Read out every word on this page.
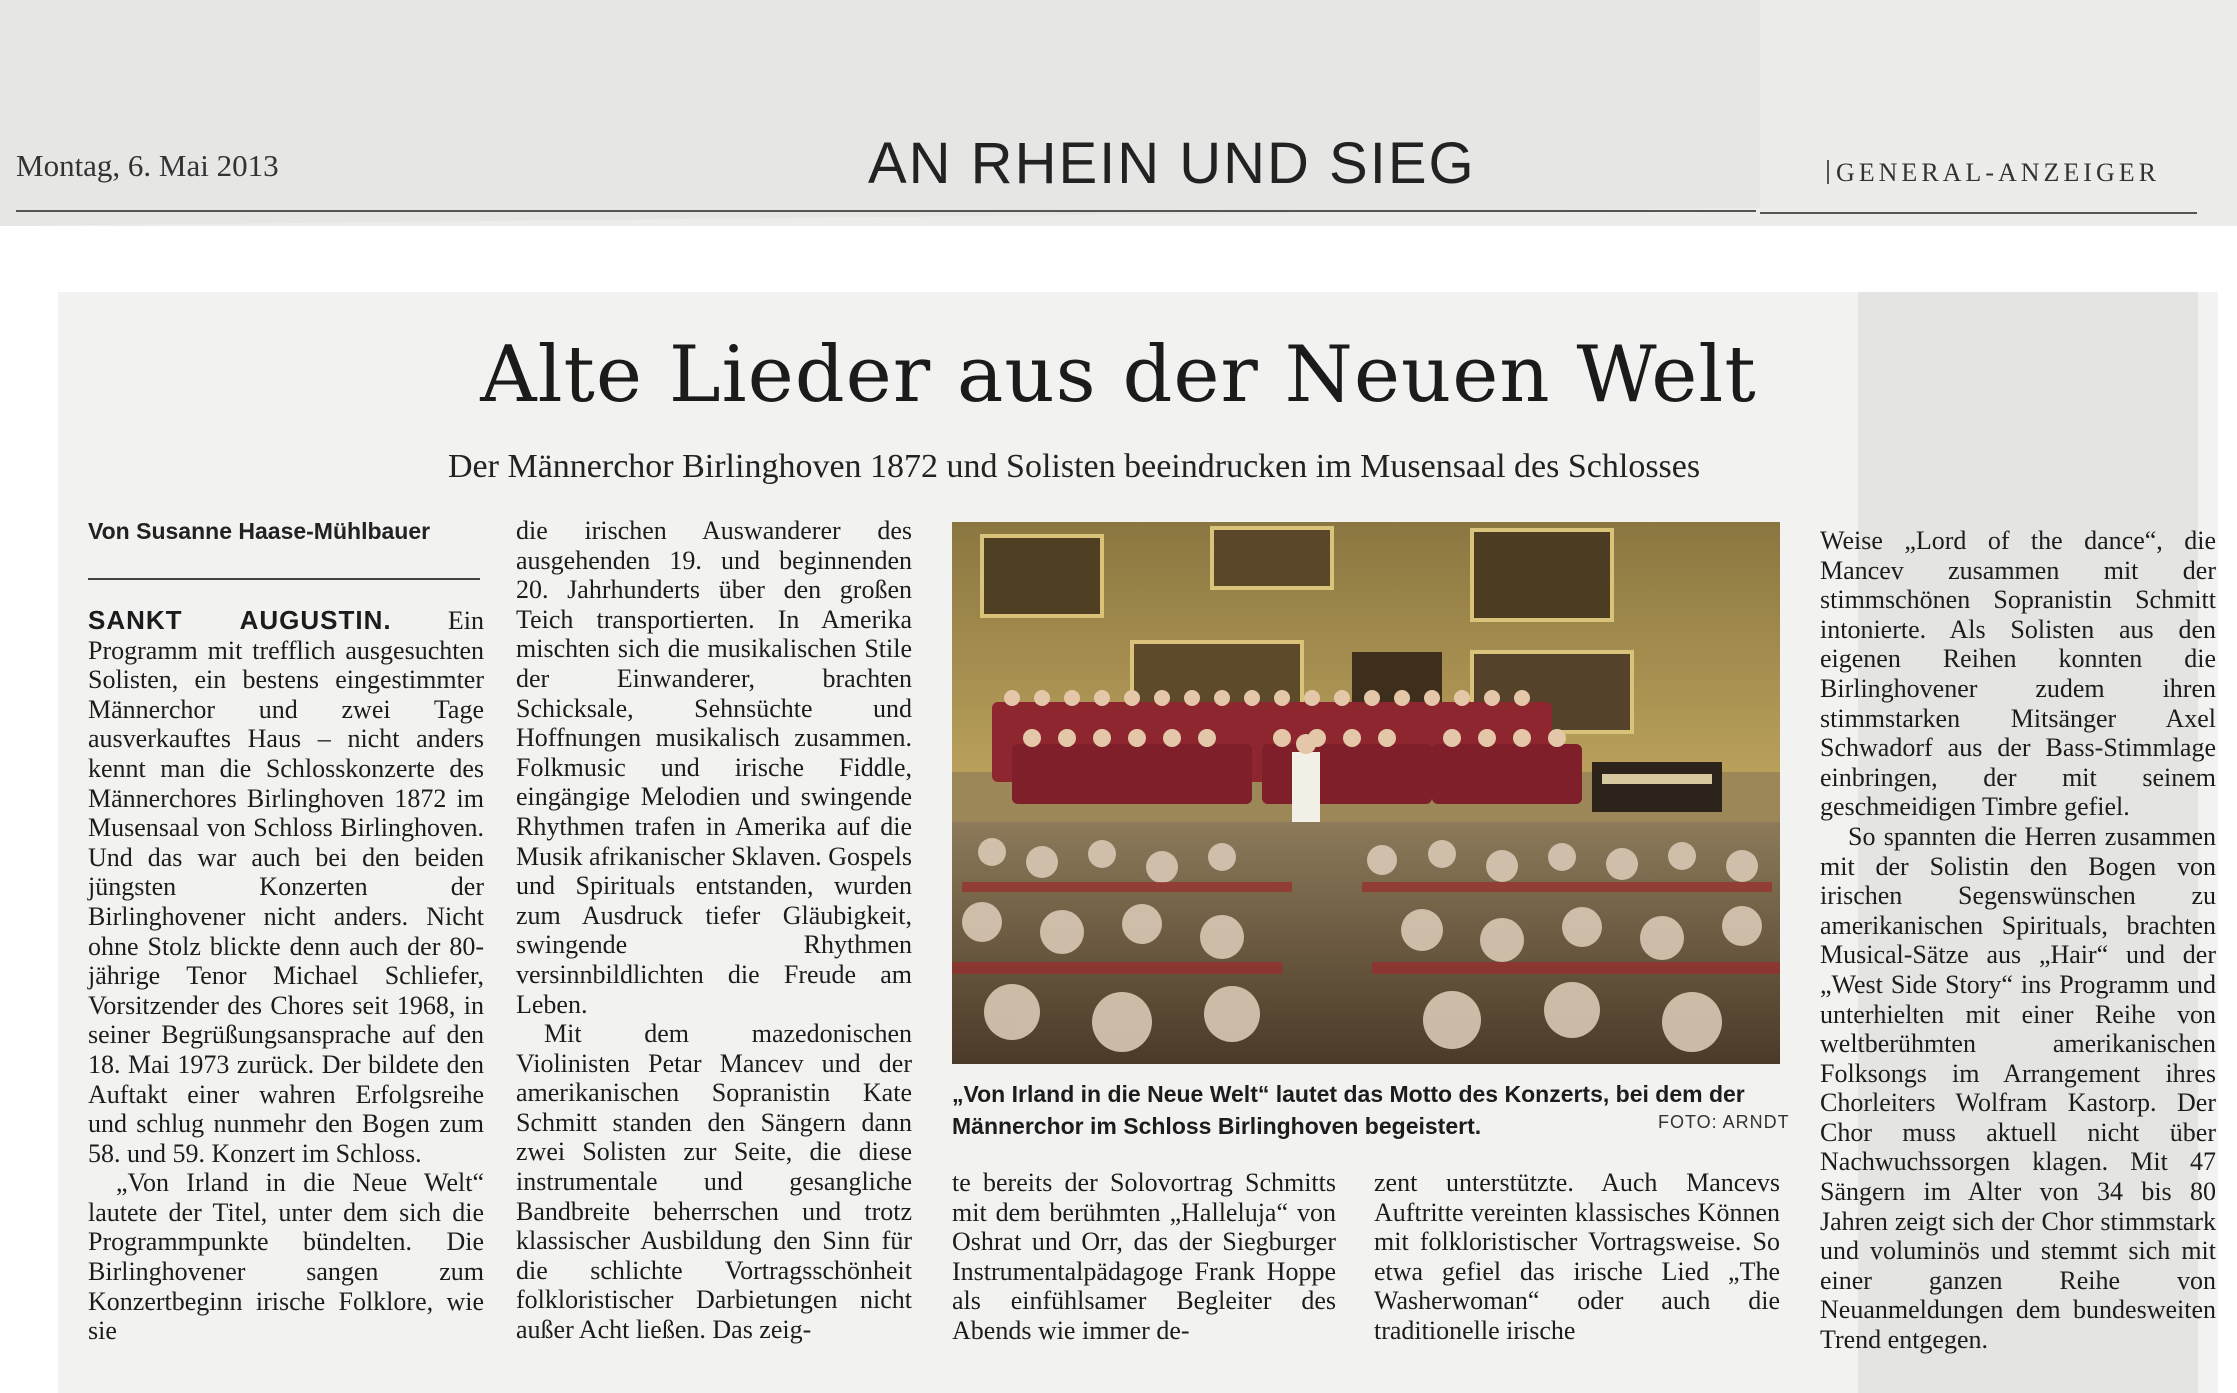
Montag, 6. Mai 2013	AN RHEIN UND SIEG	GENERAL-ANZEIGER
Alte Lieder aus der Neuen Welt
Der Männerchor Birlinghoven 1872 und Solisten beeindrucken im Musensaal des Schlosses
Von Susanne Haase-Mühlbauer

SANKT AUGUSTIN. Ein Programm mit trefflich ausgesuchten Solisten, ein bestens eingestimmter Männerchor und zwei Tage ausverkauftes Haus – nicht anders kennt man die Schlosskonzerte des Männerchores Birlinghoven 1872 im Musensaal von Schloss Birlinghoven. Und das war auch bei den beiden jüngsten Konzerten der Birlinghovener nicht anders. Nicht ohne Stolz blickte denn auch der 80-jährige Tenor Michael Schliefer, Vorsitzender des Chores seit 1968, in seiner Begrüßungsansprache auf den 18. Mai 1973 zurück. Der bildete den Auftakt einer wahren Erfolgsreihe und schlug nunmehr den Bogen zum 58. und 59. Konzert im Schloss.

„Von Irland in die Neue Welt“ lautete der Titel, unter dem sich die Programmpunkte bündelten. Die Birlinghovener sangen zum Konzertbeginn irische Folklore, wie sie

die irischen Auswanderer des ausgehenden 19. und beginnenden 20. Jahrhunderts über den großen Teich transportierten. In Amerika mischten sich die musikalischen Stile der Einwanderer, brachten Schicksale, Sehnsüchte und Hoffnungen musikalisch zusammen. Folkmusic und irische Fiddle, eingängige Melodien und swingende Rhythmen trafen in Amerika auf die Musik afrikanischer Sklaven. Gospels und Spirituals entstanden, wurden zum Ausdruck tiefer Gläubigkeit, swingende Rhythmen versinnbildlichten die Freude am Leben.

Mit dem mazedonischen Violinisten Petar Mancev und der amerikanischen Sopranistin Kate Schmitt standen den Sängern dann zwei Solisten zur Seite, die diese instrumentale und gesangliche Bandbreite beherrschen und trotz klassischer Ausbildung den Sinn für die schlichte Vortragsschönheit folkloristischer Darbietungen nicht außer Acht ließen. Das zeig-

„Von Irland in die Neue Welt“ lautet das Motto des Konzerts, bei dem der Männerchor im Schloss Birlinghoven begeistert.	FOTO: ARNDT

te bereits der Solovortrag Schmitts mit dem berühmten „Halleluja“ von Oshrat und Orr, das der Siegburger Instrumentalpädagoge Frank Hoppe als einfühlsamer Begleiter des Abends wie immer de-

zent unterstützte. Auch Mancevs Auftritte vereinten klassisches Können mit folkloristischer Vortragsweise. So etwa gefiel das irische Lied „The Washerwoman“ oder auch die traditionelle irische

Weise „Lord of the dance“, die Mancev zusammen mit der stimmschönen Sopranistin Schmitt intonierte. Als Solisten aus den eigenen Reihen konnten die Birlinghovener zudem ihren stimmstarken Mitsänger Axel Schwadorf aus der Bass-Stimmlage einbringen, der mit seinem geschmeidigen Timbre gefiel.

So spannten die Herren zusammen mit der Solistin den Bogen von irischen Segenswünschen zu amerikanischen Spirituals, brachten Musical-Sätze aus „Hair“ und der „West Side Story“ ins Programm und unterhielten mit einer Reihe von weltberühmten amerikanischen Folksongs im Arrangement ihres Chorleiters Wolfram Kastorp. Der Chor muss aktuell nicht über Nachwuchssorgen klagen. Mit 47 Sängern im Alter von 34 bis 80 Jahren zeigt sich der Chor stimmstark und voluminös und stemmt sich mit einer ganzen Reihe von Neuanmeldungen dem bundesweiten Trend entgegen.
